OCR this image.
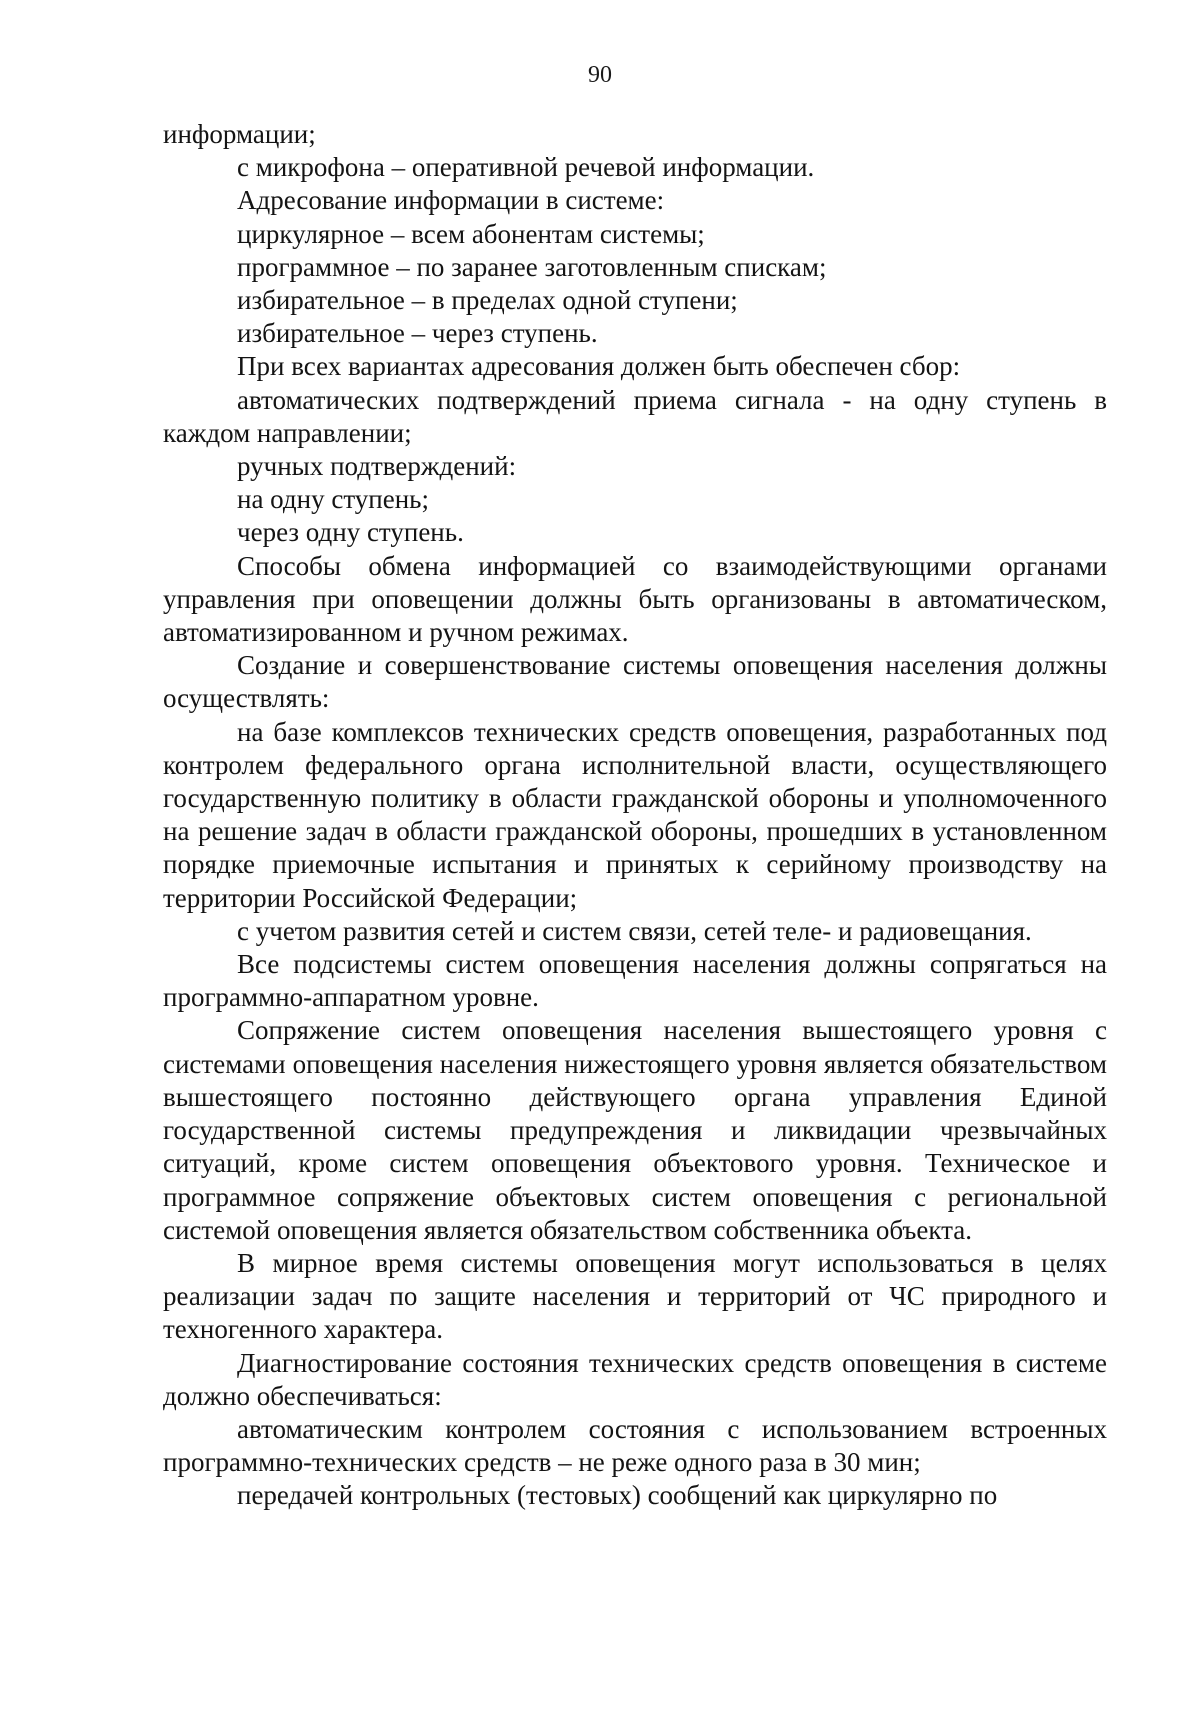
90

информации;

с микрофона – оперативной речевой информации.

Адресование информации в системе:

циркулярное – всем абонентам системы;

программное – по заранее заготовленным спискам;

избирательное – в пределах одной ступени;

избирательное – через ступень.

При всех вариантах адресования должен быть обеспечен сбор:

автоматических подтверждений приема сигнала - на одну ступень в каждом направлении;

ручных подтверждений:

на одну ступень;

через одну ступень.

Способы обмена информацией со взаимодействующими органами управления при оповещении должны быть организованы в автоматическом, автоматизированном и ручном режимах.

Создание и совершенствование системы оповещения населения должны осуществлять:

на базе комплексов технических средств оповещения, разработанных под контролем федерального органа исполнительной власти, осуществляющего государственную политику в области гражданской обороны и уполномоченного на решение задач в области гражданской обороны, прошедших в установленном порядке приемочные испытания и принятых к серийному производству на территории Российской Федерации;

с учетом развития сетей и систем связи, сетей теле- и радиовещания.

Все подсистемы систем оповещения населения должны сопрягаться на программно-аппаратном уровне.

Сопряжение систем оповещения населения вышестоящего уровня с системами оповещения населения нижестоящего уровня является обязательством вышестоящего постоянно действующего органа управления Единой государственной системы предупреждения и ликвидации чрезвычайных ситуаций, кроме систем оповещения объектового уровня. Техническое и программное сопряжение объектовых систем оповещения с региональной системой оповещения является обязательством собственника объекта.

В мирное время системы оповещения могут использоваться в целях реализации задач по защите населения и территорий от ЧС природного и техногенного характера.

Диагностирование состояния технических средств оповещения в системе должно обеспечиваться:

автоматическим контролем состояния с использованием встроенных программно-технических средств – не реже одного раза в 30 мин;

передачей контрольных (тестовых) сообщений как циркулярно по
